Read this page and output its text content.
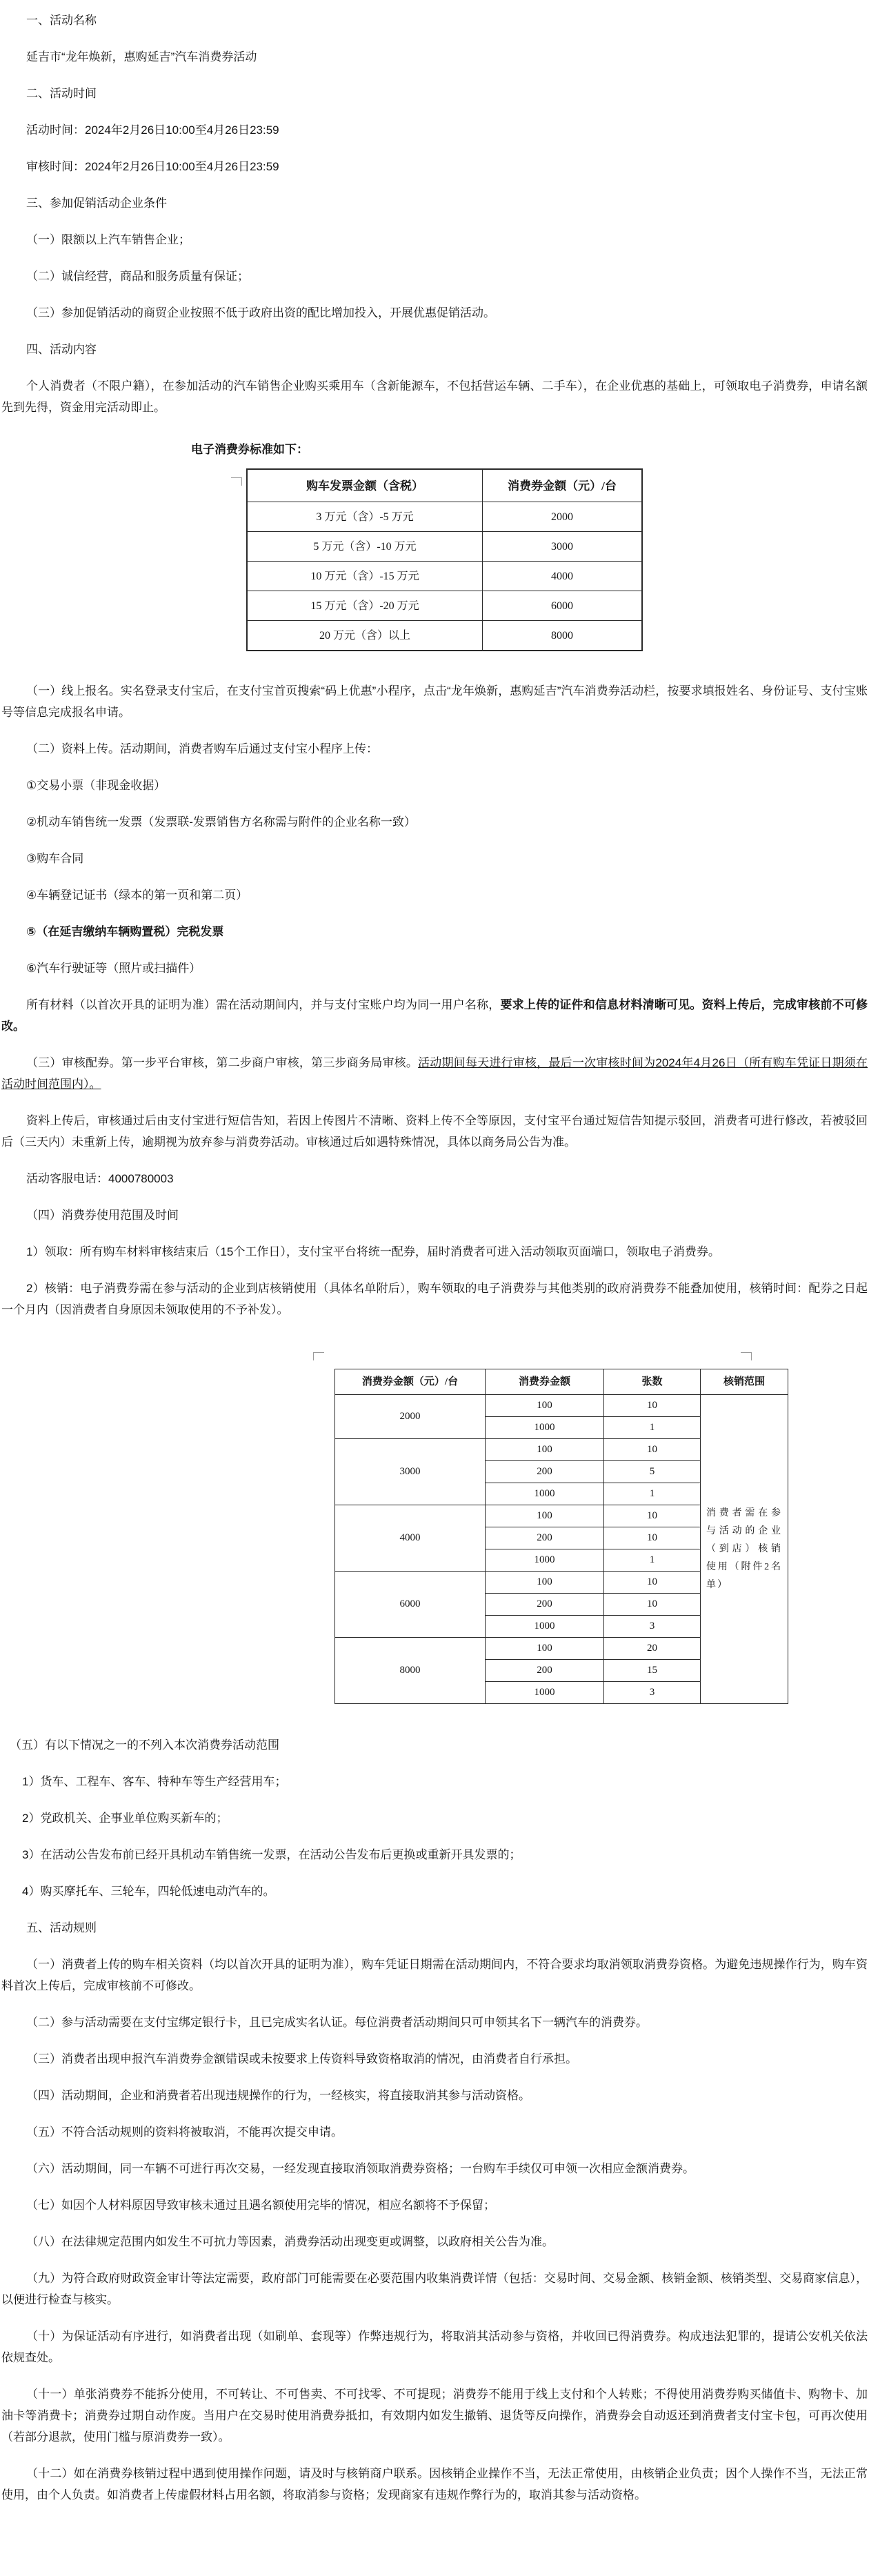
一、活动名称

延吉市“龙年焕新，惠购延吉”汽车消费券活动

二、活动时间

活动时间：2024年2月26日10:00至4月26日23:59

审核时间：2024年2月26日10:00至4月26日23:59

三、参加促销活动企业条件

（一）限额以上汽车销售企业；

（二）诚信经营，商品和服务质量有保证；

（三）参加促销活动的商贸企业按照不低于政府出资的配比增加投入，开展优惠促销活动。

四、活动内容

个人消费者（不限户籍），在参加活动的汽车销售企业购买乘用车（含新能源车，不包括营运车辆、二手车），在企业优惠的基础上，可领取电子消费券，申请名额先到先得，资金用完活动即止。

电子消费券标准如下：

购车发票金额（含税）	消费券金额（元）/台
3 万元（含）-5 万元	2000
5 万元（含）-10 万元	3000
10 万元（含）-15 万元	4000
15 万元（含）-20 万元	6000
20 万元（含）以上	8000

（一）线上报名。实名登录支付宝后，在支付宝首页搜索“码上优惠”小程序，点击“龙年焕新，惠购延吉”汽车消费券活动栏，按要求填报姓名、身份证号、支付宝账号等信息完成报名申请。

（二）资料上传。活动期间，消费者购车后通过支付宝小程序上传：

①交易小票（非现金收据）

②机动车销售统一发票（发票联-发票销售方名称需与附件的企业名称一致）

③购车合同

④车辆登记证书（绿本的第一页和第二页）

⑤（在延吉缴纳车辆购置税）完税发票

⑥汽车行驶证等（照片或扫描件）

所有材料（以首次开具的证明为准）需在活动期间内，并与支付宝账户均为同一用户名称，要求上传的证件和信息材料清晰可见。资料上传后，完成审核前不可修改。

（三）审核配券。第一步平台审核，第二步商户审核，第三步商务局审核。活动期间每天进行审核，最后一次审核时间为2024年4月26日（所有购车凭证日期须在活动时间范围内）。

资料上传后，审核通过后由支付宝进行短信告知，若因上传图片不清晰、资料上传不全等原因，支付宝平台通过短信告知提示驳回，消费者可进行修改，若被驳回后（三天内）未重新上传，逾期视为放弃参与消费券活动。审核通过后如遇特殊情况，具体以商务局公告为准。

活动客服电话：4000780003

（四）消费券使用范围及时间

1）领取：所有购车材料审核结束后（15个工作日），支付宝平台将统一配券，届时消费者可进入活动领取页面端口，领取电子消费券。

2）核销：电子消费券需在参与活动的企业到店核销使用（具体名单附后），购车领取的电子消费券与其他类别的政府消费券不能叠加使用，核销时间：配券之日起一个月内（因消费者自身原因未领取使用的不予补发）。

消费券金额（元）/台	消费券金额	张数	核销范围
2000	100	10	消费者需在参与活动的企业（到店）核销使用（附件2名单）
	1000	1	
3000	100	10	
	200	5	
	1000	1	
4000	100	10	
	200	10	
	1000	1	
6000	100	10	
	200	10	
	1000	3	
8000	100	20	
	200	15	
	1000	3	

（五）有以下情况之一的不列入本次消费券活动范围

1）货车、工程车、客车、特种车等生产经营用车；

2）党政机关、企事业单位购买新车的；

3）在活动公告发布前已经开具机动车销售统一发票，在活动公告发布后更换或重新开具发票的；

4）购买摩托车、三轮车，四轮低速电动汽车的。

五、活动规则

（一）消费者上传的购车相关资料（均以首次开具的证明为准），购车凭证日期需在活动期间内，不符合要求均取消领取消费券资格。为避免违规操作行为，购车资料首次上传后，完成审核前不可修改。

（二）参与活动需要在支付宝绑定银行卡，且已完成实名认证。每位消费者活动期间只可申领其名下一辆汽车的消费券。

（三）消费者出现申报汽车消费券金额错误或未按要求上传资料导致资格取消的情况，由消费者自行承担。

（四）活动期间，企业和消费者若出现违规操作的行为，一经核实，将直接取消其参与活动资格。

（五）不符合活动规则的资料将被取消，不能再次提交申请。

（六）活动期间，同一车辆不可进行再次交易，一经发现直接取消领取消费券资格；一台购车手续仅可申领一次相应金额消费券。

（七）如因个人材料原因导致审核未通过且遇名额使用完毕的情况，相应名额将不予保留；

（八）在法律规定范围内如发生不可抗力等因素，消费券活动出现变更或调整，以政府相关公告为准。

（九）为符合政府财政资金审计等法定需要，政府部门可能需要在必要范围内收集消费详情（包括：交易时间、交易金额、核销金额、核销类型、交易商家信息），以便进行检查与核实。

（十）为保证活动有序进行，如消费者出现（如刷单、套现等）作弊违规行为，将取消其活动参与资格，并收回已得消费券。构成违法犯罪的，提请公安机关依法依规查处。

（十一）单张消费券不能拆分使用，不可转让、不可售卖、不可找零、不可提现；消费券不能用于线上支付和个人转账；不得使用消费券购买储值卡、购物卡、加油卡等消费卡；消费券过期自动作废。当用户在交易时使用消费券抵扣，有效期内如发生撤销、退货等反向操作，消费券会自动返还到消费者支付宝卡包，可再次使用（若部分退款，使用门槛与原消费券一致）。

（十二）如在消费券核销过程中遇到使用操作问题，请及时与核销商户联系。因核销企业操作不当，无法正常使用，由核销企业负责；因个人操作不当，无法正常使用，由个人负责。如消费者上传虚假材料占用名额，将取消参与资格；发现商家有违规作弊行为的，取消其参与活动资格。
